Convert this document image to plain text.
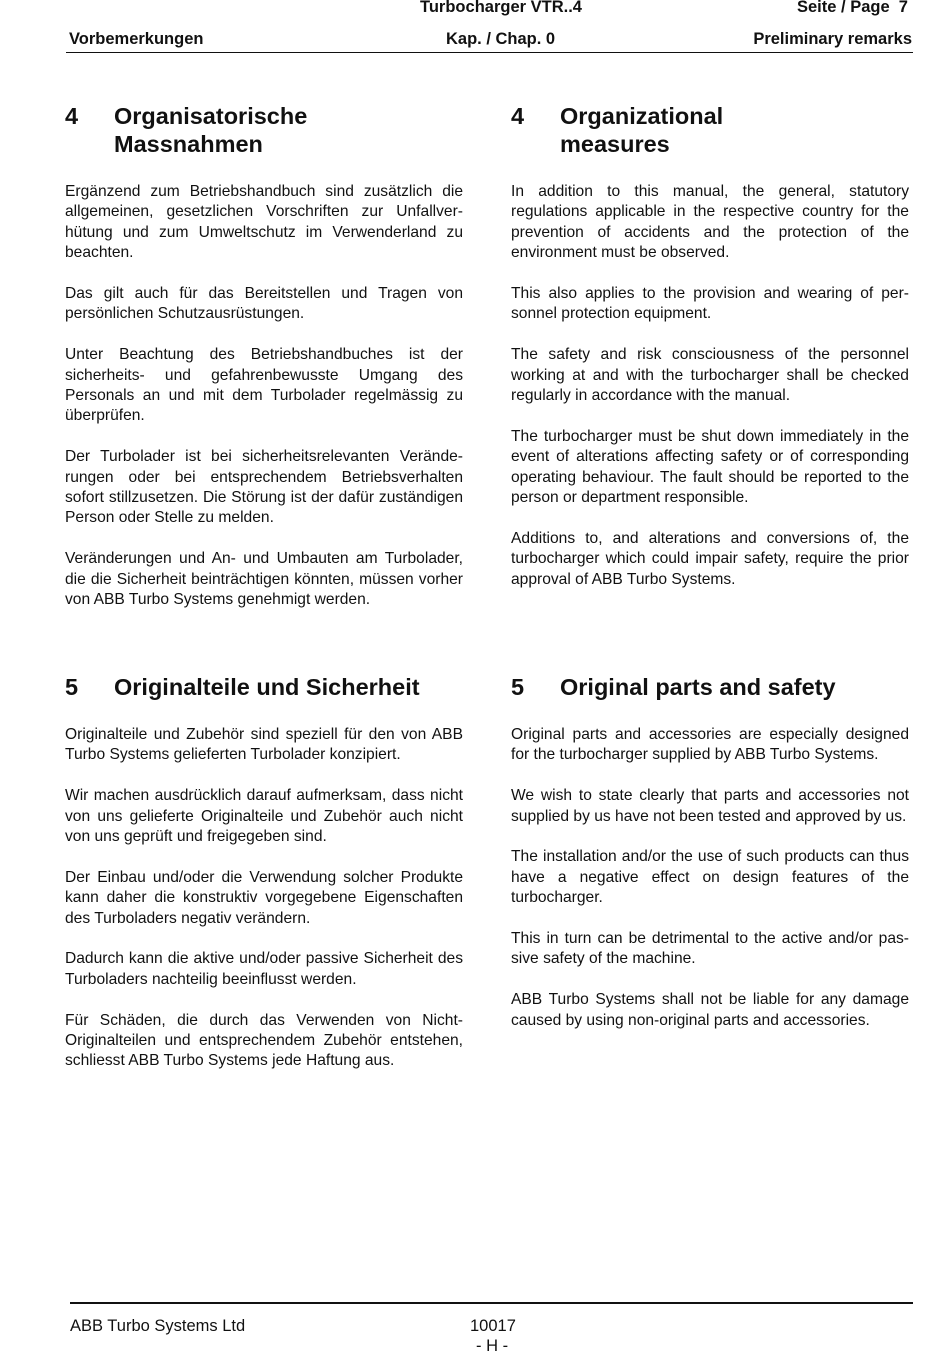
Turbocharger VTR..4	Seite / Page  7
Vorbemerkungen	Kap. / Chap. 0	Preliminary remarks
4	Organisatorische
Massnahmen

Ergänzend zum Betriebshandbuch sind zusätzlich die allgemeinen, gesetzlichen Vorschriften zur Unfallverhütung und zum Umweltschutz im Verwenderland zu beachten.

Das gilt auch für das Bereitstellen und Tragen von persönlichen Schutzausrüstungen.

Unter Beachtung des Betriebshandbuches ist der sicherheits- und gefahrenbewusste Umgang des Personals an und mit dem Turbolader regelmässig zu überprüfen.

Der Turbolader ist bei sicherheitsrelevanten Veränderungen oder bei entsprechendem Betriebsverhalten sofort stillzusetzen. Die Störung ist der dafür zuständigen Person oder Stelle zu melden.

Veränderungen und An- und Umbauten am Turbolader, die die Sicherheit beinträchtigen könnten, müssen vorher von ABB Turbo Systems genehmigt werden.

4	Organizational
measures

In addition to this manual, the general, statutory regulations applicable in the respective country for the prevention of accidents and the protection of the environment must be observed.

This also applies to the provision and wearing of personnel protection equipment.

The safety and risk consciousness of the personnel working at and with the turbocharger shall be checked regularly in accordance with the manual.

The turbocharger must be shut down immediately in the event of alterations affecting safety or of corresponding operating behaviour. The fault should be reported to the person or department responsible.

Additions to, and alterations and conversions of, the turbocharger which could impair safety, require the prior approval of ABB Turbo Systems.

5	Originalteile und Sicherheit

Originalteile und Zubehör sind speziell für den von ABB Turbo Systems gelieferten Turbolader konzipiert.

Wir machen ausdrücklich darauf aufmerksam, dass nicht von uns gelieferte Originalteile und Zubehör auch nicht von uns geprüft und freigegeben sind.

Der Einbau und/oder die Verwendung solcher Produkte kann daher die konstruktiv vorgegebene Eigenschaften des Turboladers negativ verändern.

Dadurch kann die aktive und/oder passive Sicherheit des Turboladers nachteilig beeinflusst werden.

Für Schäden, die durch das Verwenden von Nicht-Originalteilen und entsprechendem Zubehör entstehen, schliesst ABB Turbo Systems jede Haftung aus.

5	Original parts and safety

Original parts and accessories are especially designed for the turbocharger supplied by ABB Turbo Systems.

We wish to state clearly that parts and accessories not supplied by us have not been tested and approved by us.

The installation and/or the use of such products can thus have a negative effect on design features of the turbocharger.

This in turn can be detrimental to the active and/or passive safety of the machine.

ABB Turbo Systems shall not be liable for any damage caused by using non-original parts and accessories.

ABB Turbo Systems Ltd	10017
- H -
